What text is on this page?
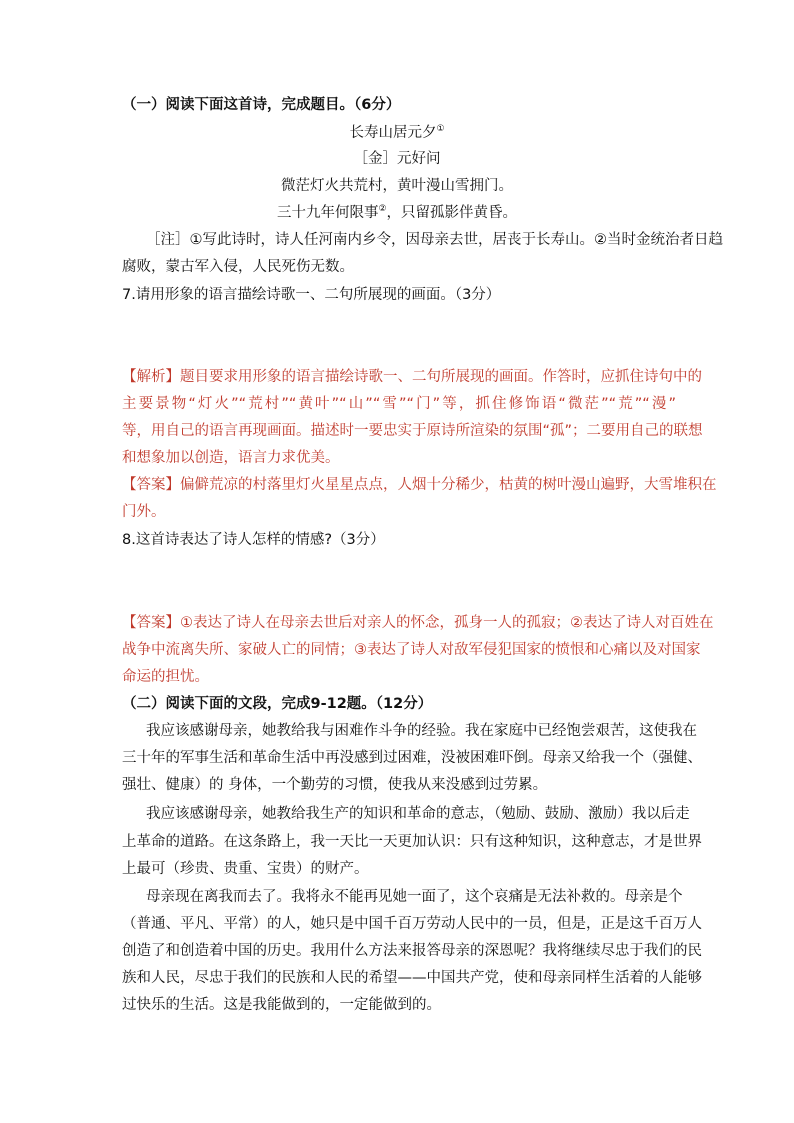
（一）阅读下面这首诗，完成题目。（6分）
长寿山居元夕①
［金］元好问
微茫灯火共荒村，黄叶漫山雪拥门。
三十九年何限事②，只留孤影伴黄昏。
［注］①写此诗时，诗人任河南内乡令，因母亲去世，居丧于长寿山。②当时金统治者日趋
腐败，蒙古军入侵，人民死伤无数。
7.请用形象的语言描绘诗歌一、二句所展现的画面。（3分）
【解析】题目要求用形象的语言描绘诗歌一、二句所展现的画面。作答时，应抓住诗句中的
主要景物“灯火”“荒村”“黄叶”“山”“雪”“门”等，抓住修饰语“微茫”“荒”“漫”
等，用自己的语言再现画面。描述时一要忠实于原诗所渲染的氛围“孤”；二要用自己的联想
和想象加以创造，语言力求优美。
【答案】偏僻荒凉的村落里灯火星星点点，人烟十分稀少，枯黄的树叶漫山遍野，大雪堆积在
门外。
8.这首诗表达了诗人怎样的情感?（3分）
【答案】①表达了诗人在母亲去世后对亲人的怀念，孤身一人的孤寂；②表达了诗人对百姓在
战争中流离失所、家破人亡的同情；③表达了诗人对敌军侵犯国家的愤恨和心痛以及对国家
命运的担忧。
（二）阅读下面的文段，完成9-12题。（12分）
我应该感谢母亲，她教给我与困难作斗争的经验。我在家庭中已经饱尝艰苦，这使我在
三十年的军事生活和革命生活中再没感到过困难，没被困难吓倒。母亲又给我一个（强健、
强壮、健康）的 身体，一个勤劳的习惯，使我从来没感到过劳累。
我应该感谢母亲，她教给我生产的知识和革命的意志，（勉励、鼓励、激励）我以后走
上革命的道路。在这条路上，我一天比一天更加认识：只有这种知识，这种意志，才是世界
上最可（珍贵、贵重、宝贵）的财产。
母亲现在离我而去了。我将永不能再见她一面了，这个哀痛是无法补救的。母亲是个
（普通、平凡、平常）的人，她只是中国千百万劳动人民中的一员，但是，正是这千百万人
创造了和创造着中国的历史。我用什么方法来报答母亲的深恩呢？我将继续尽忠于我们的民
族和人民，尽忠于我们的民族和人民的希望——中国共产党，使和母亲同样生活着的人能够
过快乐的生活。这是我能做到的，一定能做到的。
